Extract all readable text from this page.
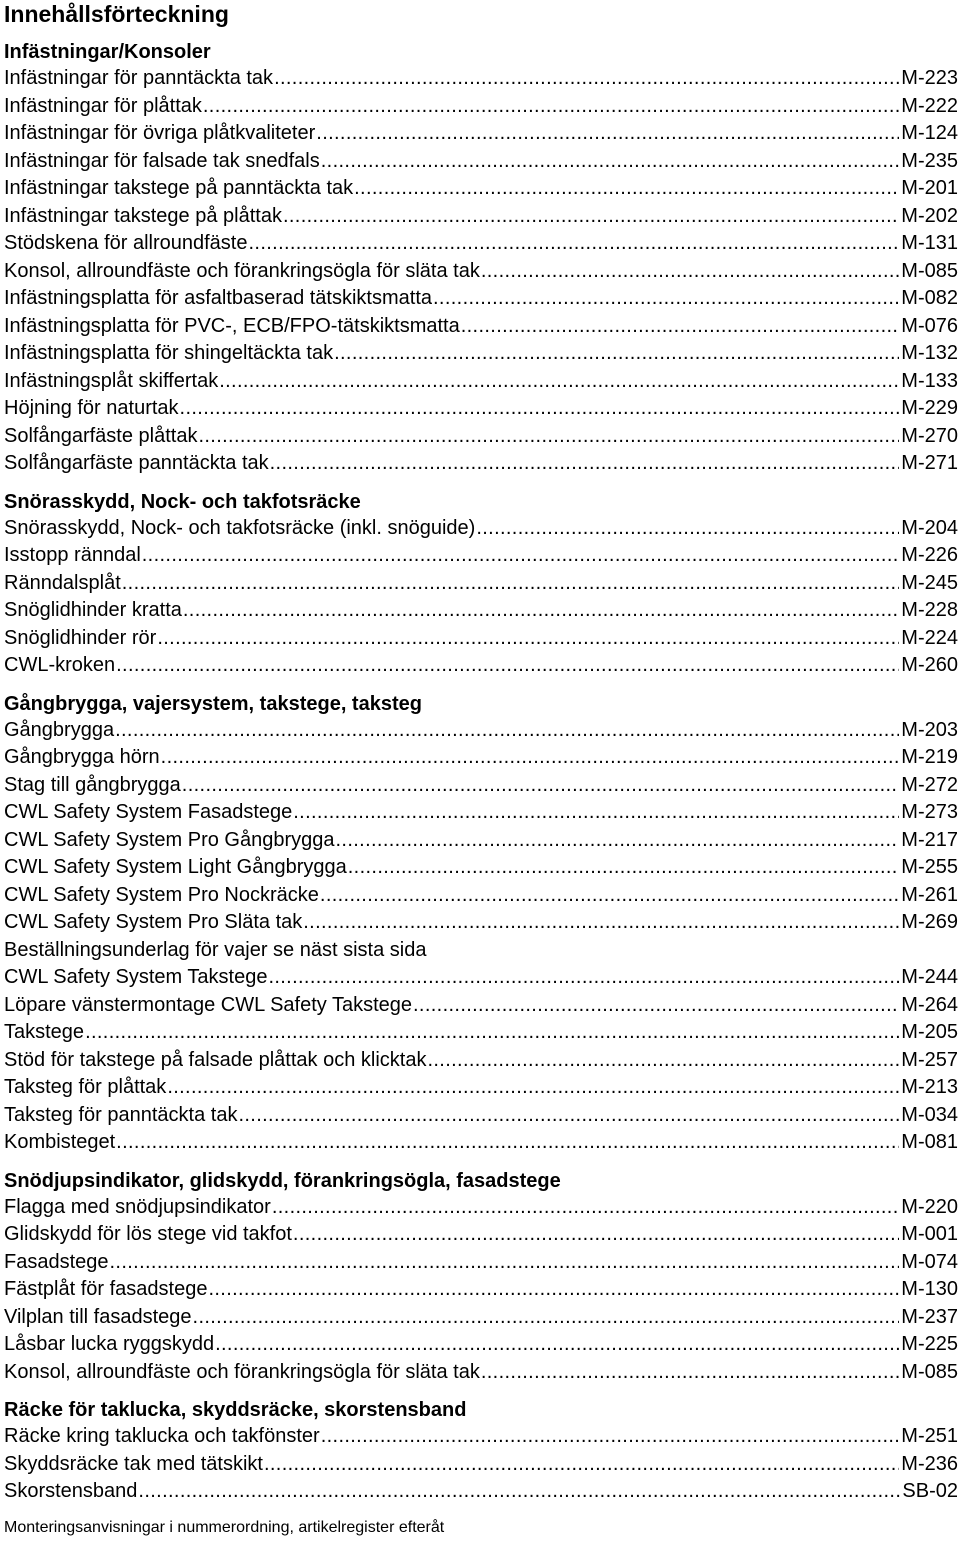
Innehållsförteckning
Infästningar/Konsoler
Infästningar för panntäckta tak . . .	M-223
Infästningar för plåttak . . .	M-222
Infästningar för övriga plåtkvaliteter . . .	M-124
Infästningar för falsade tak snedfals . . .	M-235
Infästningar takstege på panntäckta tak . . .	M-201
Infästningar takstege på plåttak . . .	M-202
Stödskena för allroundfäste . . .	M-131
Konsol, allroundfäste och förankringsögla för släta tak . . .	M-085
Infästningsplatta för asfaltbaserad tätskiktsmatta . . .	M-082
Infästningsplatta för PVC-, ECB/FPO-tätskiktsmatta . . .	M-076
Infästningsplatta för shingeltäckta tak . . .	M-132
Infästningsplåt skiffertak . . .	M-133
Höjning för naturtak . . .	M-229
Solfångarfäste plåttak . . .	M-270
Solfångarfäste panntäckta tak . . .	M-271
Snörasskydd, Nock- och takfotsräcke
Snörasskydd, Nock- och takfotsräcke (inkl. snöguide) . . .	M-204
Isstopp ränndal . . .	M-226
Ränndalsplåt . . .	M-245
Snöglidhinder kratta . . .	M-228
Snöglidhinder rör . . .	M-224
CWL-kroken . . .	M-260
Gångbrygga, vajersystem, takstege, taksteg
Gångbrygga . . .	M-203
Gångbrygga hörn . . .	M-219
Stag till gångbrygga . . .	M-272
CWL Safety System Fasadstege . . .	M-273
CWL Safety System Pro Gångbrygga . . .	M-217
CWL Safety System Light Gångbrygga . . .	M-255
CWL Safety System Pro Nockräcke . . .	M-261
CWL Safety System Pro Släta tak . . .	M-269
Beställningsunderlag för vajer se näst sista sida
CWL Safety System Takstege . . .	M-244
Löpare vänstermontage CWL Safety Takstege . . .	M-264
Takstege . . .	M-205
Stöd för takstege på falsade plåttak och klicktak . . .	M-257
Taksteg för plåttak . . .	M-213
Taksteg för panntäckta tak . . .	M-034
Kombisteget . . .	M-081
Snödjupsindikator, glidskydd, förankringsögla, fasadstege
Flagga med snödjupsindikator . . .	M-220
Glidskydd för lös stege vid takfot . . .	M-001
Fasadstege . . .	M-074
Fästplåt för fasadstege . . .	M-130
Vilplan till fasadstege . . .	M-237
Låsbar lucka ryggskydd . . .	M-225
Konsol, allroundfäste och förankringsögla för släta tak . . .	M-085
Räcke för taklucka, skyddsräcke, skorstensband
Räcke kring taklucka och takfönster . . .	M-251
Skyddsräcke tak med tätskikt . . .	M-236
Skorstensband . . .	SB-02
Monteringsanvisningar i nummerordning, artikelregister efteråt
